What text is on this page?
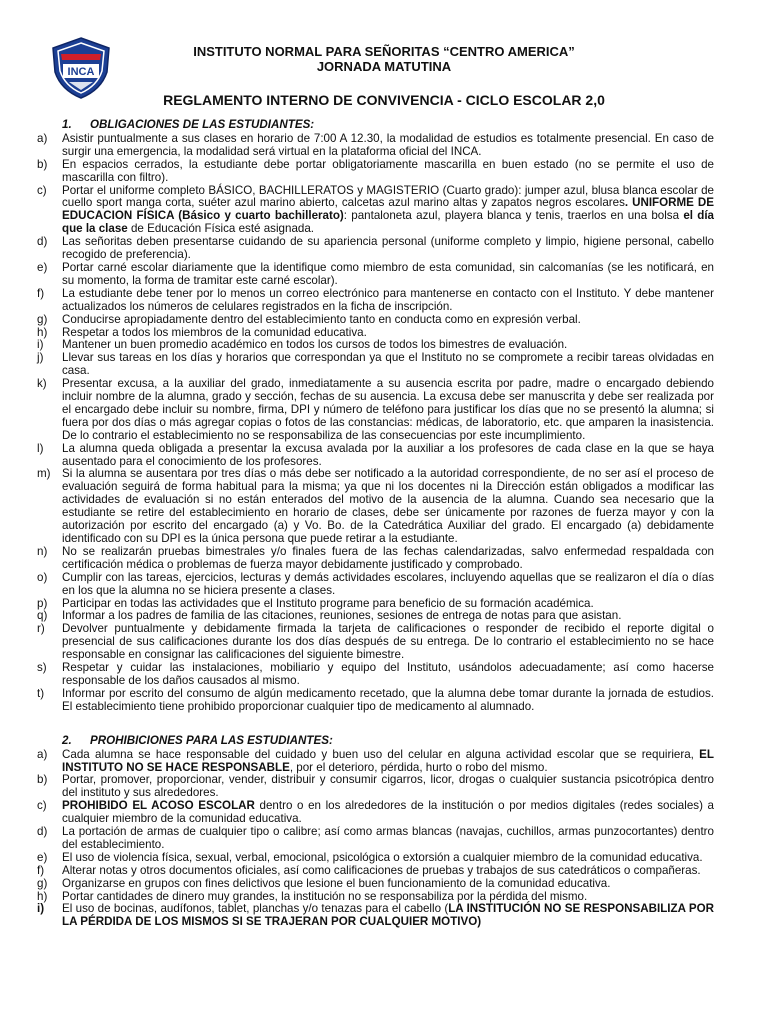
INCA
INSTITUTO NORMAL PARA SEÑORITAS “CENTRO AMERICA”
JORNADA MATUTINA
REGLAMENTO INTERNO DE CONVIVENCIA - CICLO ESCOLAR 2,0
1. OBLIGACIONES DE LAS ESTUDIANTES:
a)	Asistir puntualmente a sus clases en horario de 7:00 A 12.30, la modalidad de estudios es totalmente presencial. En caso de surgir una emergencia, la modalidad será virtual en la plataforma oficial del INCA.
b)	En espacios cerrados, la estudiante debe portar obligatoriamente mascarilla en buen estado (no se permite el uso de mascarilla con filtro).
c)	Portar el uniforme completo BÁSICO, BACHILLERATOS y MAGISTERIO (Cuarto grado): jumper azul, blusa blanca escolar de cuello sport manga corta, suéter azul marino abierto, calcetas azul marino altas y zapatos negros escolares. UNIFORME DE EDUCACION FÍSICA (Básico y cuarto bachillerato): pantaloneta azul, playera blanca y tenis, traerlos en una bolsa el día que la clase de Educación Física esté asignada.
d)	Las señoritas deben presentarse cuidando de su apariencia personal (uniforme completo y limpio, higiene personal, cabello recogido de preferencia).
e)	Portar carné escolar diariamente que la identifique como miembro de esta comunidad, sin calcomanías (se les notificará, en su momento, la forma de tramitar este carné escolar).
f)	La estudiante debe tener por lo menos un correo electrónico para mantenerse en contacto con el Instituto. Y debe mantener actualizados los números de celulares registrados en la ficha de inscripción.
g)	Conducirse apropiadamente dentro del establecimiento tanto en conducta como en expresión verbal.
h)	Respetar a todos los miembros de la comunidad educativa.
i)	Mantener un buen promedio académico en todos los cursos de todos los bimestres de evaluación.
j)	Llevar sus tareas en los días y horarios que correspondan ya que el Instituto no se compromete a recibir tareas olvidadas en casa.
k)	Presentar excusa, a la auxiliar del grado, inmediatamente a su ausencia escrita por padre, madre o encargado debiendo incluir nombre de la alumna, grado y sección, fechas de su ausencia. La excusa debe ser manuscrita y debe ser realizada por el encargado debe incluir su nombre, firma, DPI y número de teléfono para justificar los días que no se presentó la alumna; si fuera por dos días o más agregar copias o fotos de las constancias: médicas, de laboratorio, etc. que amparen la inasistencia. De lo contrario el establecimiento no se responsabiliza de las consecuencias por este incumplimiento.
l)	La alumna queda obligada a presentar la excusa avalada por la auxiliar a los profesores de cada clase en la que se haya ausentado para el conocimiento de los profesores.
m) Si la alumna se ausentara por tres días o más debe ser notificado a la autoridad correspondiente, de no ser así el proceso de evaluación seguirá de forma habitual para la misma; ya que ni los docentes ni la Dirección están obligados a modificar las actividades de evaluación si no están enterados del motivo de la ausencia de la alumna. Cuando sea necesario que la estudiante se retire del establecimiento en horario de clases, debe ser únicamente por razones de fuerza mayor y con la autorización por escrito del encargado (a) y Vo. Bo. de la Catedrática Auxiliar del grado. El encargado (a) debidamente identificado con su DPI es la única persona que puede retirar a la estudiante.
n)	No se realizarán pruebas bimestrales y/o finales fuera de las fechas calendarizadas, salvo enfermedad respaldada con certificación médica o problemas de fuerza mayor debidamente justificado y comprobado.
o)	Cumplir con las tareas, ejercicios, lecturas y demás actividades escolares, incluyendo aquellas que se realizaron el día o días en los que la alumna no se hiciera presente a clases.
p)	Participar en todas las actividades que el Instituto programe para beneficio de su formación académica.
q)	Informar a los padres de familia de las citaciones, reuniones, sesiones de entrega de notas para que asistan.
r)	Devolver puntualmente y debidamente firmada la tarjeta de calificaciones o responder de recibido el reporte digital o presencial de sus calificaciones durante los dos días después de su entrega. De lo contrario el establecimiento no se hace responsable en consignar las calificaciones del siguiente bimestre.
s)	Respetar y cuidar las instalaciones, mobiliario y equipo del Instituto, usándolos adecuadamente; así como hacerse responsable de los daños causados al mismo.
t)	Informar por escrito del consumo de algún medicamento recetado, que la alumna debe tomar durante la jornada de estudios. El establecimiento tiene prohibido proporcionar cualquier tipo de medicamento al alumnado.
2. PROHIBICIONES PARA LAS ESTUDIANTES:
a)	Cada alumna se hace responsable del cuidado y buen uso del celular en alguna actividad escolar que se requiriera, EL INSTITUTO NO SE HACE RESPONSABLE, por el deterioro, pérdida, hurto o robo del mismo.
b)	Portar, promover, proporcionar, vender, distribuir y consumir cigarros, licor, drogas o cualquier sustancia psicotrópica dentro del instituto y sus alrededores.
c)	PROHIBIDO EL ACOSO ESCOLAR dentro o en los alrededores de la institución o por medios digitales (redes sociales) a cualquier miembro de la comunidad educativa.
d)	La portación de armas de cualquier tipo o calibre; así como armas blancas (navajas, cuchillos, armas punzocortantes) dentro del establecimiento.
e)	El uso de violencia física, sexual, verbal, emocional, psicológica o extorsión a cualquier miembro de la comunidad educativa.
f)	Alterar notas y otros documentos oficiales, así como calificaciones de pruebas y trabajos de sus catedráticos o compañeras.
g)	Organizarse en grupos con fines delictivos que lesione el buen funcionamiento de la comunidad educativa.
h)	Portar cantidades de dinero muy grandes, la institución no se responsabiliza por la pérdida del mismo.
i)	El uso de bocinas, audífonos, tablet, planchas y/o tenazas para el cabello (LA INSTITUCIÓN NO SE RESPONSABILIZA POR LA PÉRDIDA DE LOS MISMOS SI SE TRAJERAN POR CUALQUIER MOTIVO)
